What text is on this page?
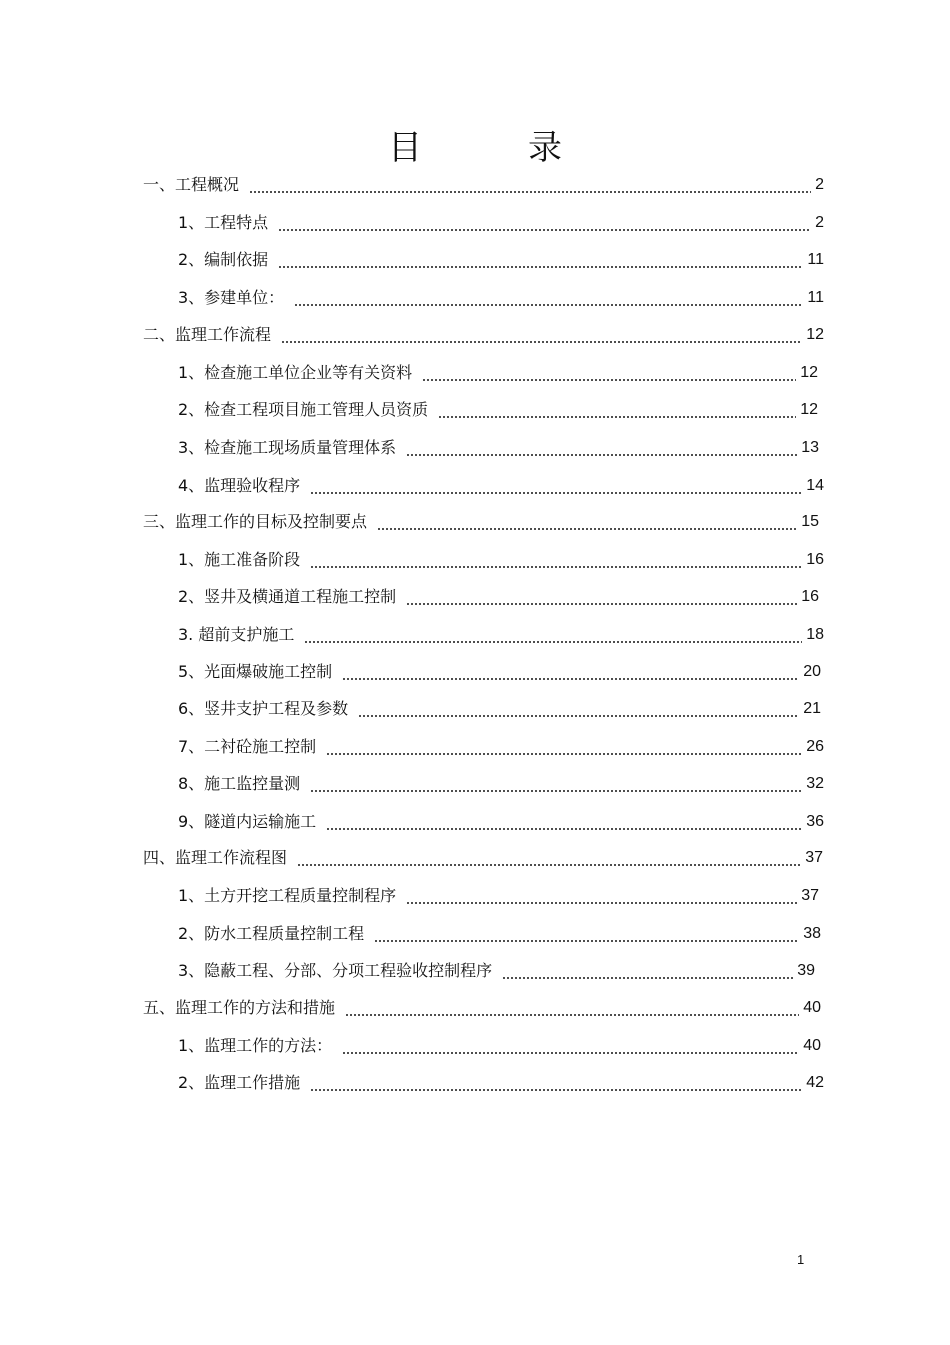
目　录
一、工程概况	2
1、工程特点	2
2、编制依据	11
3、参建单位：	11
二、监理工作流程	12
1、检查施工单位企业等有关资料	12
2、检查工程项目施工管理人员资质	12
3、检查施工现场质量管理体系	13
4、监理验收程序	14
三、监理工作的目标及控制要点	15
1、施工准备阶段	16
2、竖井及横通道工程施工控制	16
3. 超前支护施工	18
5、光面爆破施工控制	20
6、竖井支护工程及参数	21
7、二衬砼施工控制	26
8、施工监控量测	32
9、隧道内运输施工	36
四、监理工作流程图	37
1、土方开挖工程质量控制程序	37
2、防水工程质量控制工程	38
3、隐蔽工程、分部、分项工程验收控制程序	39
五、监理工作的方法和措施	40
1、监理工作的方法：	40
2、监理工作措施	42
1
